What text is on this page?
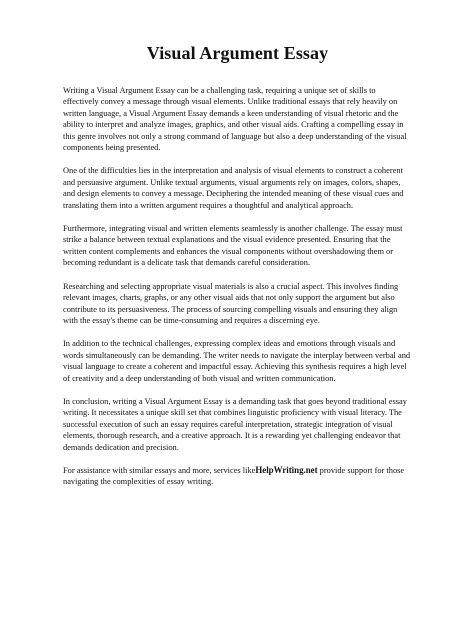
Visual Argument Essay

Writing a Visual Argument Essay can be a challenging task, requiring a unique set of skills to effectively convey a message through visual elements. Unlike traditional essays that rely heavily on written language, a Visual Argument Essay demands a keen understanding of visual rhetoric and the ability to interpret and analyze images, graphics, and other visual aids. Crafting a compelling essay in this genre involves not only a strong command of language but also a deep understanding of the visual components being presented.

One of the difficulties lies in the interpretation and analysis of visual elements to construct a coherent and persuasive argument. Unlike textual arguments, visual arguments rely on images, colors, shapes, and design elements to convey a message. Deciphering the intended meaning of these visual cues and translating them into a written argument requires a thoughtful and analytical approach.

Furthermore, integrating visual and written elements seamlessly is another challenge. The essay must strike a balance between textual explanations and the visual evidence presented. Ensuring that the written content complements and enhances the visual components without overshadowing them or becoming redundant is a delicate task that demands careful consideration.

Researching and selecting appropriate visual materials is also a crucial aspect. This involves finding relevant images, charts, graphs, or any other visual aids that not only support the argument but also contribute to its persuasiveness. The process of sourcing compelling visuals and ensuring they align with the essay's theme can be time-consuming and requires a discerning eye.

In addition to the technical challenges, expressing complex ideas and emotions through visuals and words simultaneously can be demanding. The writer needs to navigate the interplay between verbal and visual language to create a coherent and impactful essay. Achieving this synthesis requires a high level of creativity and a deep understanding of both visual and written communication.

In conclusion, writing a Visual Argument Essay is a demanding task that goes beyond traditional essay writing. It necessitates a unique skill set that combines linguistic proficiency with visual literacy. The successful execution of such an essay requires careful interpretation, strategic integration of visual elements, thorough research, and a creative approach. It is a rewarding yet challenging endeavor that demands dedication and precision.

For assistance with similar essays and more, services likeHelpWriting.net provide support for those navigating the complexities of essay writing.
